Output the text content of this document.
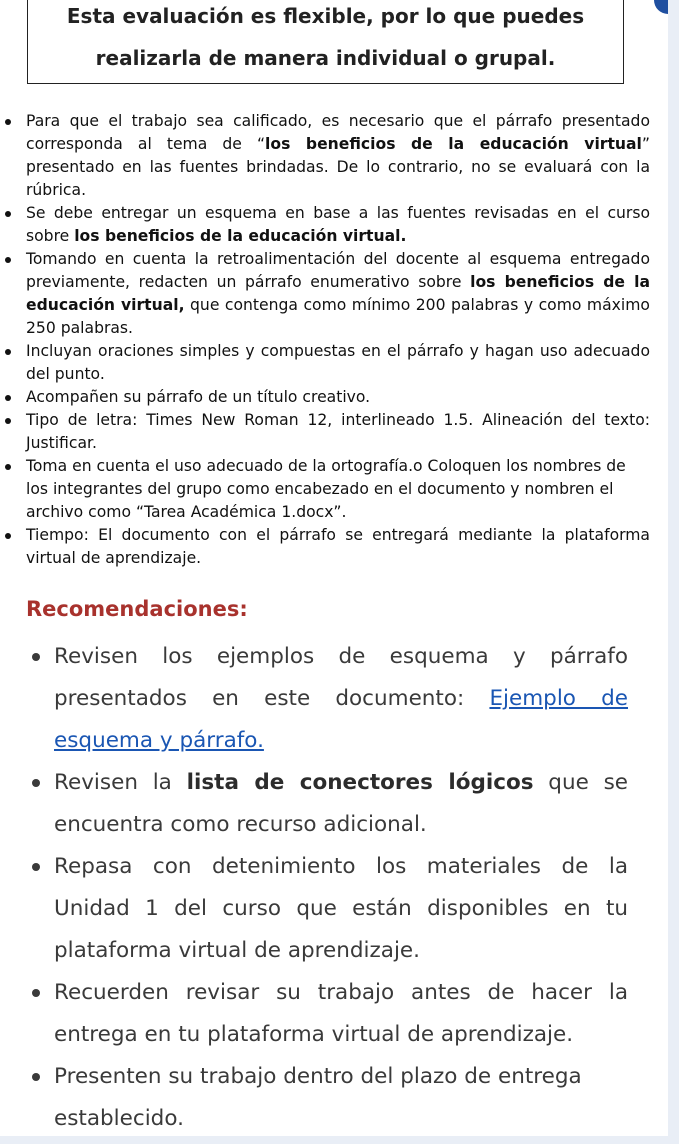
Esta evaluación es flexible, por lo que puedes
realizarla de manera individual o grupal.
Para que el trabajo sea calificado, es necesario que el párrafo presentado corresponda al tema de “los beneficios de la educación virtual” presentado en las fuentes brindadas. De lo contrario, no se evaluará con la rúbrica.
Se debe entregar un esquema en base a las fuentes revisadas en el curso sobre los beneficios de la educación virtual.
Tomando en cuenta la retroalimentación del docente al esquema entregado previamente, redacten un párrafo enumerativo sobre los beneficios de la educación virtual, que contenga como mínimo 200 palabras y como máximo 250 palabras.
Incluyan oraciones simples y compuestas en el párrafo y hagan uso adecuado del punto.
Acompañen su párrafo de un título creativo.
Tipo de letra: Times New Roman 12, interlineado 1.5. Alineación del texto: Justificar.
Toma en cuenta el uso adecuado de la ortografía.o Coloquen los nombres de los integrantes del grupo como encabezado en el documento y nombren el archivo como “Tarea Académica 1.docx”.
Tiempo: El documento con el párrafo se entregará mediante la plataforma virtual de aprendizaje.
Recomendaciones:
Revisen los ejemplos de esquema y párrafo presentados en este documento: Ejemplo de esquema y párrafo.
Revisen la lista de conectores lógicos que se encuentra como recurso adicional.
Repasa con detenimiento los materiales de la Unidad 1 del curso que están disponibles en tu plataforma virtual de aprendizaje.
Recuerden revisar su trabajo antes de hacer la entrega en tu plataforma virtual de aprendizaje.
Presenten su trabajo dentro del plazo de entrega establecido.
